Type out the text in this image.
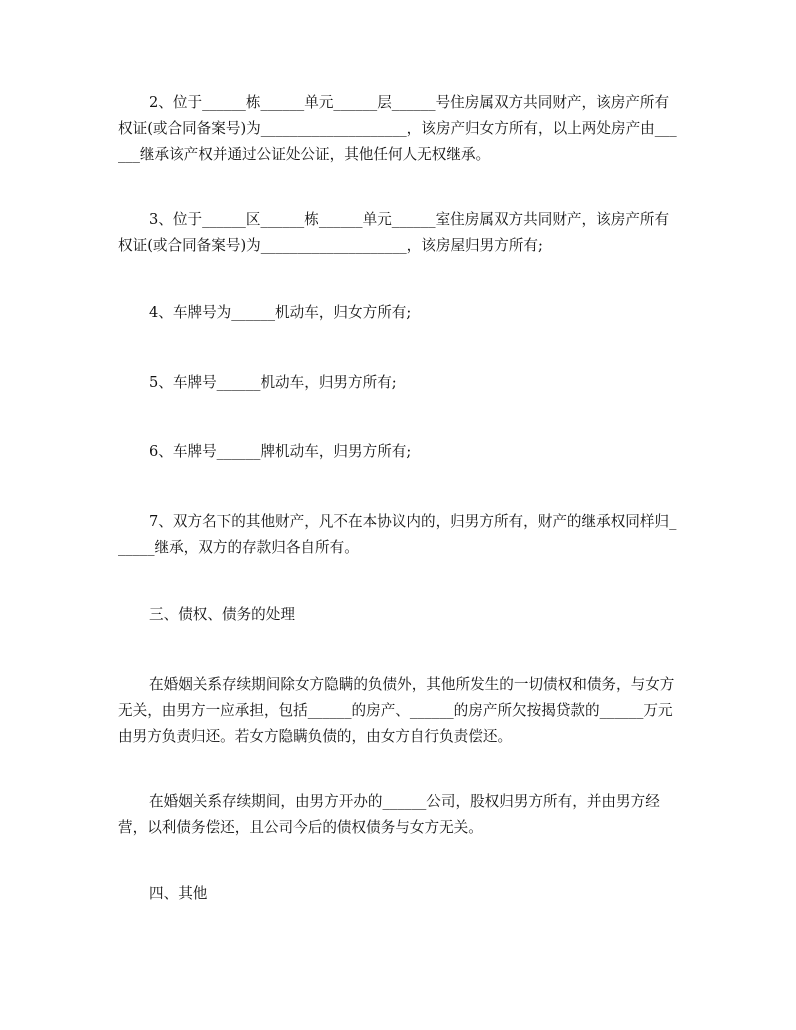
2、位于______栋______单元______层______号住房属双方共同财产，该房产所有权证(或合同备案号)为____________________，该房产归女方所有，以上两处房产由______继承该产权并通过公证处公证，其他任何人无权继承。

3、位于______区______栋______单元______室住房属双方共同财产，该房产所有权证(或合同备案号)为____________________，该房屋归男方所有;

4、车牌号为______机动车，归女方所有;

5、车牌号______机动车，归男方所有;

6、车牌号______牌机动车，归男方所有;

7、双方名下的其他财产，凡不在本协议内的，归男方所有，财产的继承权同样归______继承，双方的存款归各自所有。

三、债权、债务的处理

在婚姻关系存续期间除女方隐瞒的负债外，其他所发生的一切债权和债务，与女方无关，由男方一应承担，包括______的房产、______的房产所欠按揭贷款的______万元由男方负责归还。若女方隐瞒负债的，由女方自行负责偿还。

在婚姻关系存续期间，由男方开办的______公司，股权归男方所有，并由男方经营，以利债务偿还，且公司今后的债权债务与女方无关。

四、其他
